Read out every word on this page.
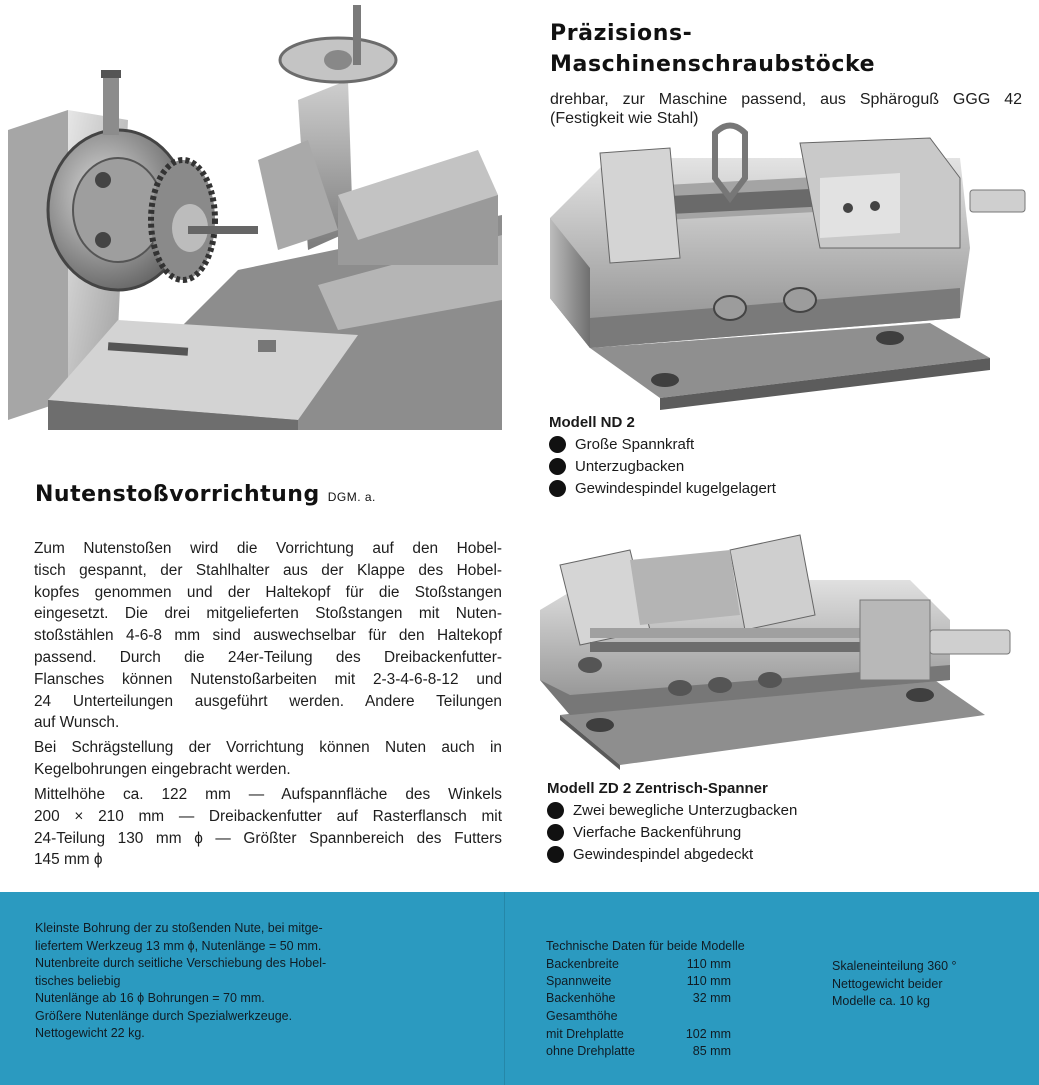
Präzisions-
Maschinenschraubstöcke
drehbar, zur Maschine passend, aus Sphäroguß GGG 42
(Festigkeit wie Stahl)
Modell ND 2
Große Spannkraft
Unterzugbacken
Gewindespindel kugelgelagert
Modell ZD 2 Zentrisch-Spanner
Zwei bewegliche Unterzugbacken
Vierfache Backenführung
Gewindespindel abgedeckt
Nutenstoßvorrichtung DGM. a.
Zum Nutenstoßen wird die Vorrichtung auf den Hobel-
tisch gespannt, der Stahlhalter aus der Klappe des Hobel-
kopfes genommen und der Haltekopf für die Stoßstangen
eingesetzt. Die drei mitgelieferten Stoßstangen mit Nuten-
stoßstählen 4-6-8 mm sind auswechselbar für den Haltekopf
passend. Durch die 24er-Teilung des Dreibackenfutter-
Flansches können Nutenstoßarbeiten mit 2-3-4-6-8-12 und
24 Unterteilungen ausgeführt werden. Andere Teilungen
auf Wunsch.
Bei Schrägstellung der Vorrichtung können Nuten auch in
Kegelbohrungen eingebracht werden.
Mittelhöhe ca. 122 mm — Aufspannfläche des Winkels
200 × 210 mm — Dreibackenfutter auf Rasterflansch mit
24-Teilung 130 mm ϕ — Größter Spannbereich des Futters
145 mm ϕ
Kleinste Bohrung der zu stoßenden Nute, bei mitge-
liefertem Werkzeug 13 mm ϕ, Nutenlänge = 50 mm.
Nutenbreite durch seitliche Verschiebung des Hobel-
tisches beliebig
Nutenlänge ab 16 ϕ Bohrungen = 70 mm.
Größere Nutenlänge durch Spezialwerkzeuge.
Nettogewicht 22 kg.
Technische Daten für beide Modelle
Backenbreite	110 mm
Spannweite	110 mm
Backenhöhe	32 mm
Gesamthöhe
mit Drehplatte	102 mm
ohne Drehplatte	85 mm
Skaleneinteilung 360 °
Nettogewicht beider
Modelle ca. 10 kg
